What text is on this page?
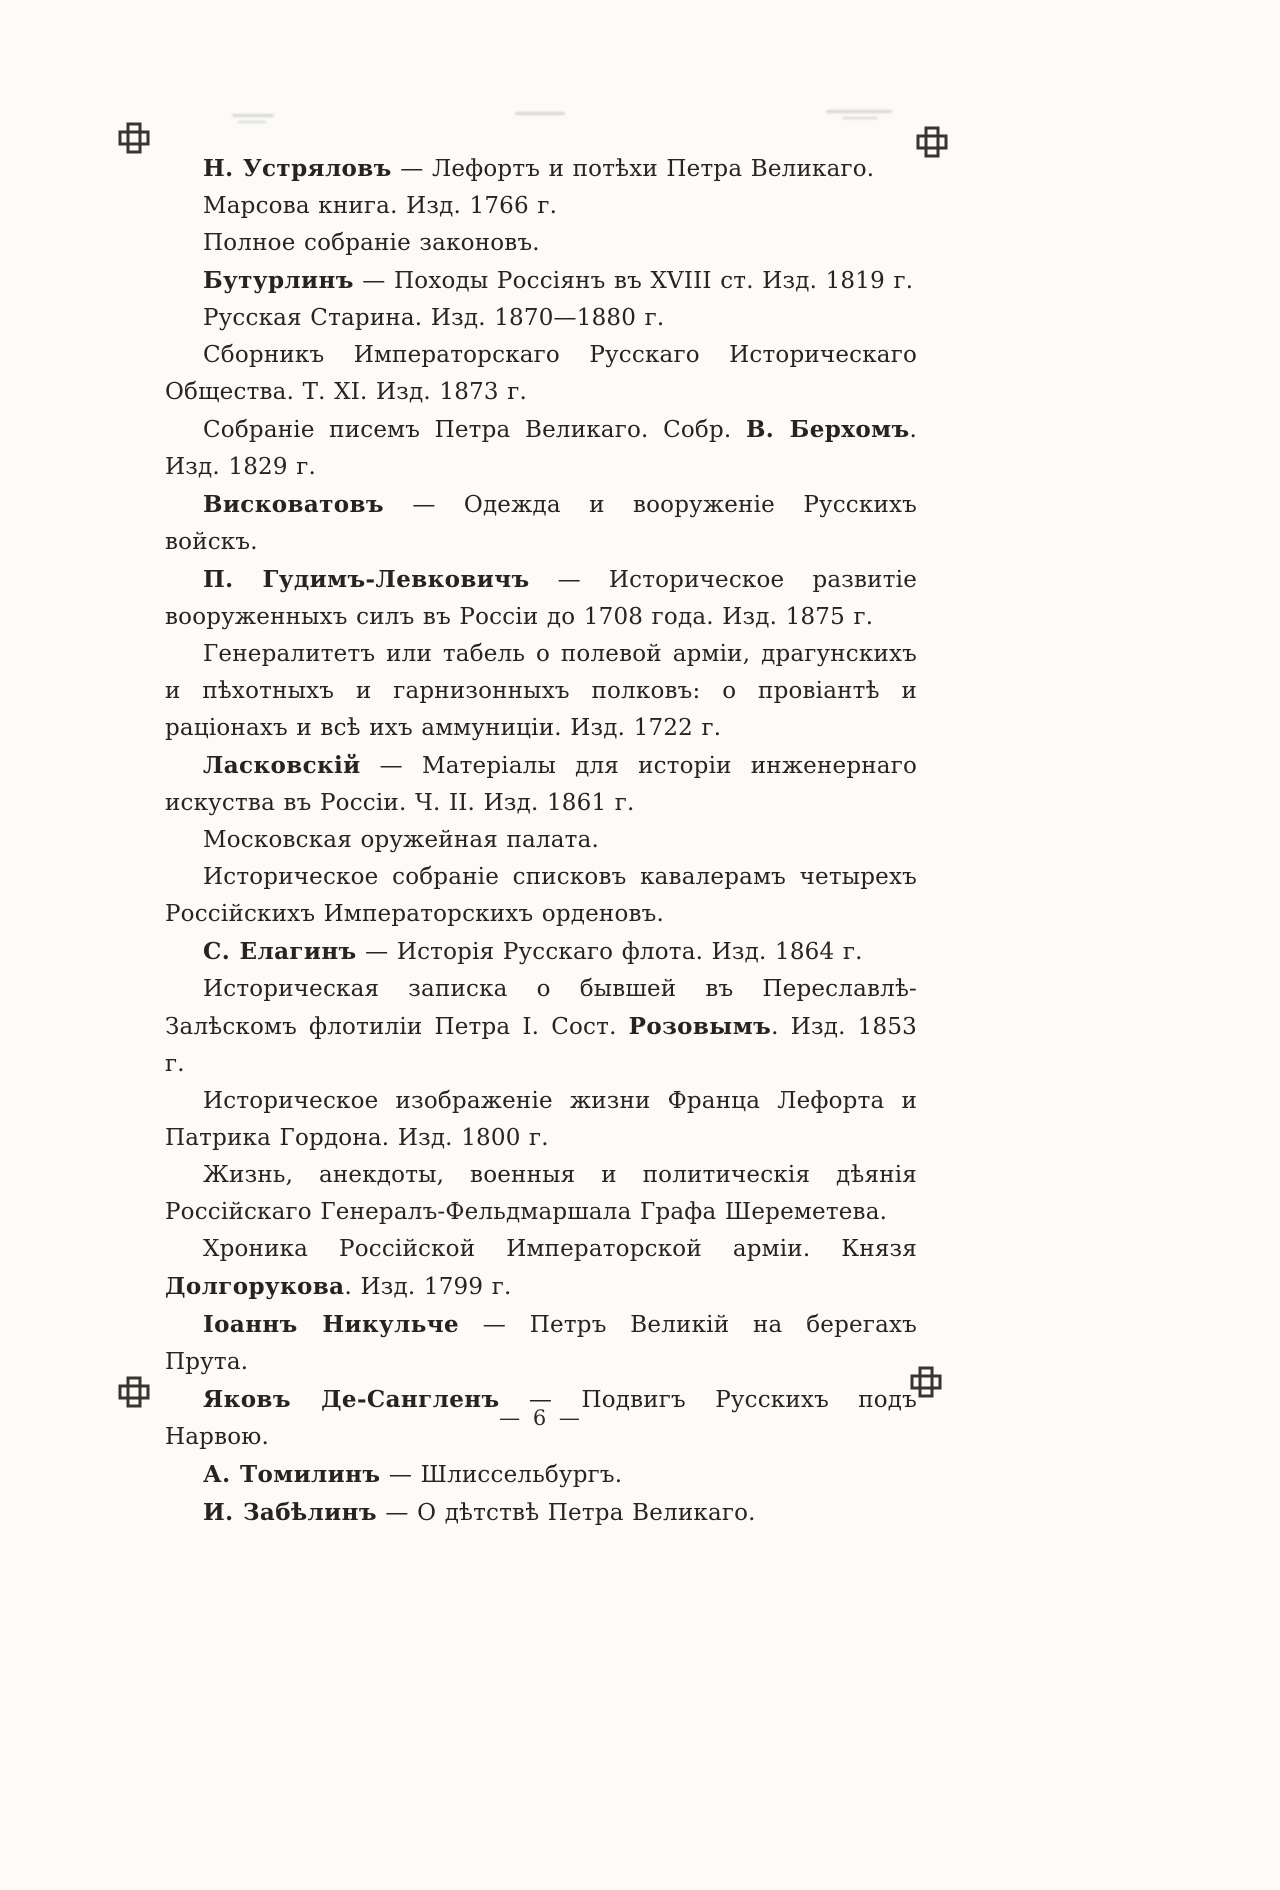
Н. Устряловъ — Лефортъ и потѣхи Петра Великаго.

Марсова книга. Изд. 1766 г.

Полное собраніе законовъ.

Бутурлинъ — Походы Россіянъ въ XVIII ст. Изд. 1819 г.

Русская Старина. Изд. 1870—1880 г.

Сборникъ Императорскаго Русскаго Историческаго Общества. Т. XI. Изд. 1873 г.

Собраніе писемъ Петра Великаго. Собр. В. Берхомъ. Изд. 1829 г.

Висковатовъ — Одежда и вооруженіе Русскихъ войскъ.

П. Гудимъ-Левковичъ — Историческое развитіе вооруженныхъ силъ въ Россіи до 1708 года. Изд. 1875 г.

Генералитетъ или табель о полевой арміи, драгунскихъ и пѣхотныхъ и гарнизонныхъ полковъ: о провіантѣ и раціонахъ и всѣ ихъ аммуниціи. Изд. 1722 г.

Ласковскій — Матеріалы для исторіи инженернаго искуства въ Россіи. Ч. II. Изд. 1861 г.

Московская оружейная палата.

Историческое собраніе списковъ кавалерамъ четырехъ Россійскихъ Императорскихъ орденовъ.

С. Елагинъ — Исторія Русскаго флота. Изд. 1864 г.

Историческая записка о бывшей въ Переславлѣ-Залѣскомъ флотиліи Петра I. Сост. Розовымъ. Изд. 1853 г.

Историческое изображеніе жизни Франца Лефорта и Патрика Гордона. Изд. 1800 г.

Жизнь, анекдоты, военныя и политическія дѣянія Россійскаго Генералъ-Фельдмаршала Графа Шереметева.

Хроника Россійской Императорской арміи. Князя Долгорукова. Изд. 1799 г.

Іоаннъ Никульче — Петръ Великій на берегахъ Прута.

Яковъ Де-Сангленъ — Подвигъ Русскихъ подъ Нарвою.

А. Томилинъ — Шлиссельбургъ.

И. Забѣлинъ — О дѣтствѣ Петра Великаго.

— 6 —
